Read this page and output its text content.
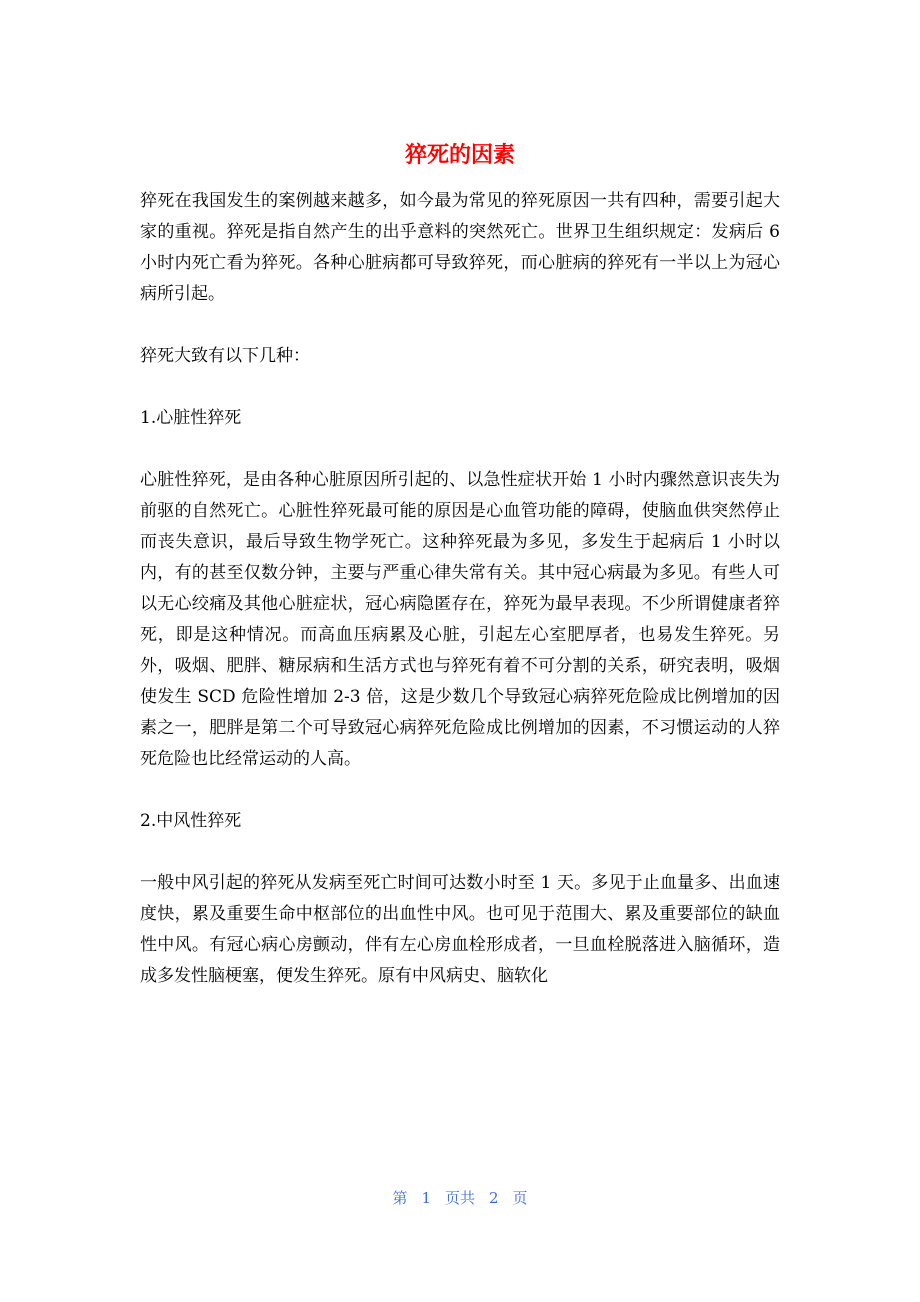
猝死的因素

猝死在我国发生的案例越来越多，如今最为常见的猝死原因一共有四种，需要引起大家的重视。猝死是指自然产生的出乎意料的突然死亡。世界卫生组织规定：发病后 6 小时内死亡看为猝死。各种心脏病都可导致猝死，而心脏病的猝死有一半以上为冠心病所引起。

猝死大致有以下几种：

1.心脏性猝死

心脏性猝死，是由各种心脏原因所引起的、以急性症状开始 1 小时内骤然意识丧失为前驱的自然死亡。心脏性猝死最可能的原因是心血管功能的障碍，使脑血供突然停止而丧失意识，最后导致生物学死亡。这种猝死最为多见，多发生于起病后 1 小时以内，有的甚至仅数分钟，主要与严重心律失常有关。其中冠心病最为多见。有些人可以无心绞痛及其他心脏症状，冠心病隐匿存在，猝死为最早表现。不少所谓健康者猝死，即是这种情况。而高血压病累及心脏，引起左心室肥厚者，也易发生猝死。另外，吸烟、肥胖、糖尿病和生活方式也与猝死有着不可分割的关系，研究表明，吸烟使发生 SCD 危险性增加 2-3 倍，这是少数几个导致冠心病猝死危险成比例增加的因素之一，肥胖是第二个可导致冠心病猝死危险成比例增加的因素，不习惯运动的人猝死危险也比经常运动的人高。

2.中风性猝死

一般中风引起的猝死从发病至死亡时间可达数小时至 1 天。多见于止血量多、出血速度快，累及重要生命中枢部位的出血性中风。也可见于范围大、累及重要部位的缺血性中风。有冠心病心房颤动，伴有左心房血栓形成者，一旦血栓脱落进入脑循环，造成多发性脑梗塞，便发生猝死。原有中风病史、脑软化

第 1 页共 2 页
